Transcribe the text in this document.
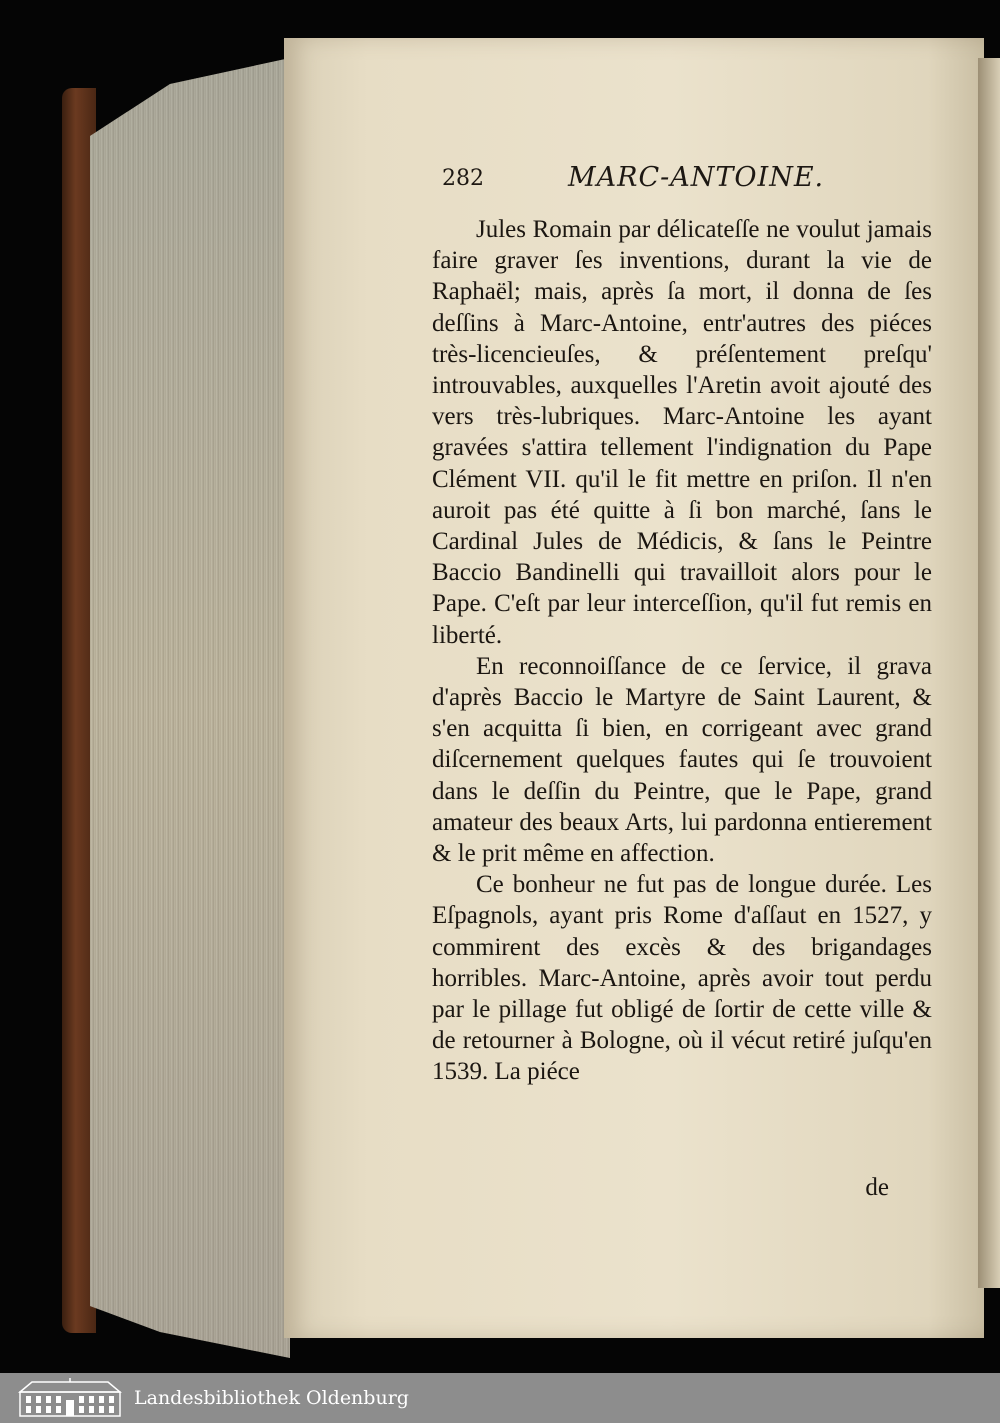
282	MARC-ANTOINE.

Jules Romain par délicateſſe ne voulut jamais faire graver ſes inventions, durant la vie de Raphaël; mais, après ſa mort, il donna de ſes deſſins à Marc-Antoine, entr'autres des piéces très-licencieuſes, & préſentement preſqu' introuvables, auxquelles l'Aretin avoit ajouté des vers très-lubriques. Marc-Antoine les ayant gravées s'attira tellement l'indignation du Pape Clément VII. qu'il le fit mettre en priſon. Il n'en auroit pas été quitte à ſi bon marché, ſans le Cardinal Jules de Médicis, & ſans le Peintre Baccio Bandinelli qui travailloit alors pour le Pape. C'eſt par leur interceſſion, qu'il fut remis en liberté.

En reconnoiſſance de ce ſervice, il grava d'après Baccio le Martyre de Saint Laurent, & s'en acquitta ſi bien, en corrigeant avec grand diſcernement quelques fautes qui ſe trouvoient dans le deſſin du Peintre, que le Pape, grand amateur des beaux Arts, lui pardonna entierement & le prit même en affection.

Ce bonheur ne fut pas de longue durée. Les Eſpagnols, ayant pris Rome d'aſſaut en 1527, y commirent des excès & des brigandages horribles. Marc-Antoine, après avoir tout perdu par le pillage fut obligé de ſortir de cette ville & de retourner à Bologne, où il vécut retiré juſqu'en 1539. La piéce

de
Landesbibliothek Oldenburg
